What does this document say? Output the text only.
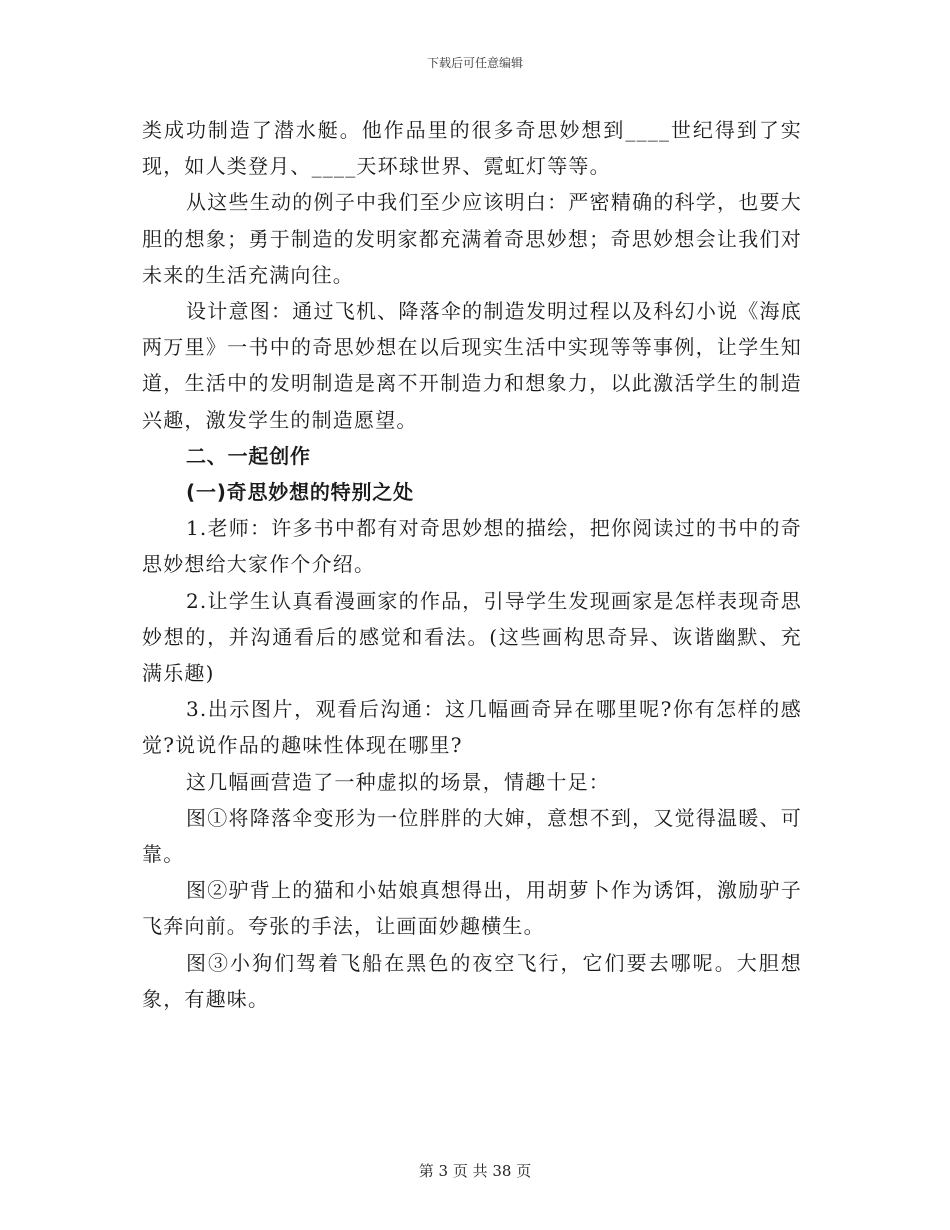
下载后可任意编辑

类成功制造了潜水艇。他作品里的很多奇思妙想到____世纪得到了实现，如人类登月、____天环球世界、霓虹灯等等。

从这些生动的例子中我们至少应该明白：严密精确的科学，也要大胆的想象；勇于制造的发明家都充满着奇思妙想；奇思妙想会让我们对未来的生活充满向往。

设计意图：通过飞机、降落伞的制造发明过程以及科幻小说《海底两万里》一书中的奇思妙想在以后现实生活中实现等等事例，让学生知道，生活中的发明制造是离不开制造力和想象力，以此激活学生的制造兴趣，激发学生的制造愿望。

二、一起创作

(一)奇思妙想的特别之处

1.老师：许多书中都有对奇思妙想的描绘，把你阅读过的书中的奇思妙想给大家作个介绍。

2.让学生认真看漫画家的作品，引导学生发现画家是怎样表现奇思妙想的，并沟通看后的感觉和看法。(这些画构思奇异、诙谐幽默、充满乐趣)

3.出示图片，观看后沟通：这几幅画奇异在哪里呢?你有怎样的感觉?说说作品的趣味性体现在哪里?

这几幅画营造了一种虚拟的场景，情趣十足：

图①将降落伞变形为一位胖胖的大婶，意想不到，又觉得温暖、可靠。

图②驴背上的猫和小姑娘真想得出，用胡萝卜作为诱饵，激励驴子飞奔向前。夸张的手法，让画面妙趣横生。

图③小狗们驾着飞船在黑色的夜空飞行，它们要去哪呢。大胆想象，有趣味。

第 3 页 共 38 页
